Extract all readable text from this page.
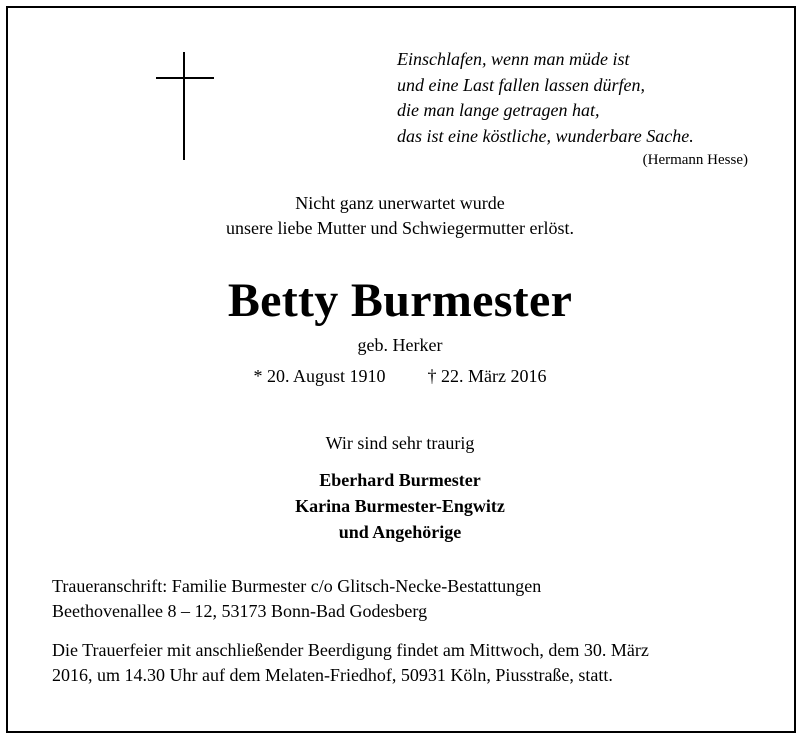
Einschlafen, wenn man müde ist
und eine Last fallen lassen dürfen,
die man lange getragen hat,
das ist eine köstliche, wunderbare Sache.
(Hermann Hesse)
Nicht ganz unerwartet wurde
unsere liebe Mutter und Schwiegermutter erlöst.
Betty Burmester
geb. Herker
* 20. August 1910 † 22. März 2016
Wir sind sehr traurig
Eberhard Burmester
Karina Burmester-Engwitz
und Angehörige
Traueranschrift: Familie Burmester c/o Glitsch-Necke-Bestattungen
Beethovenallee 8 – 12, 53173 Bonn-Bad Godesberg
Die Trauerfeier mit anschließender Beerdigung findet am Mittwoch, dem 30. März
2016, um 14.30 Uhr auf dem Melaten-Friedhof, 50931 Köln, Piusstraße, statt.
